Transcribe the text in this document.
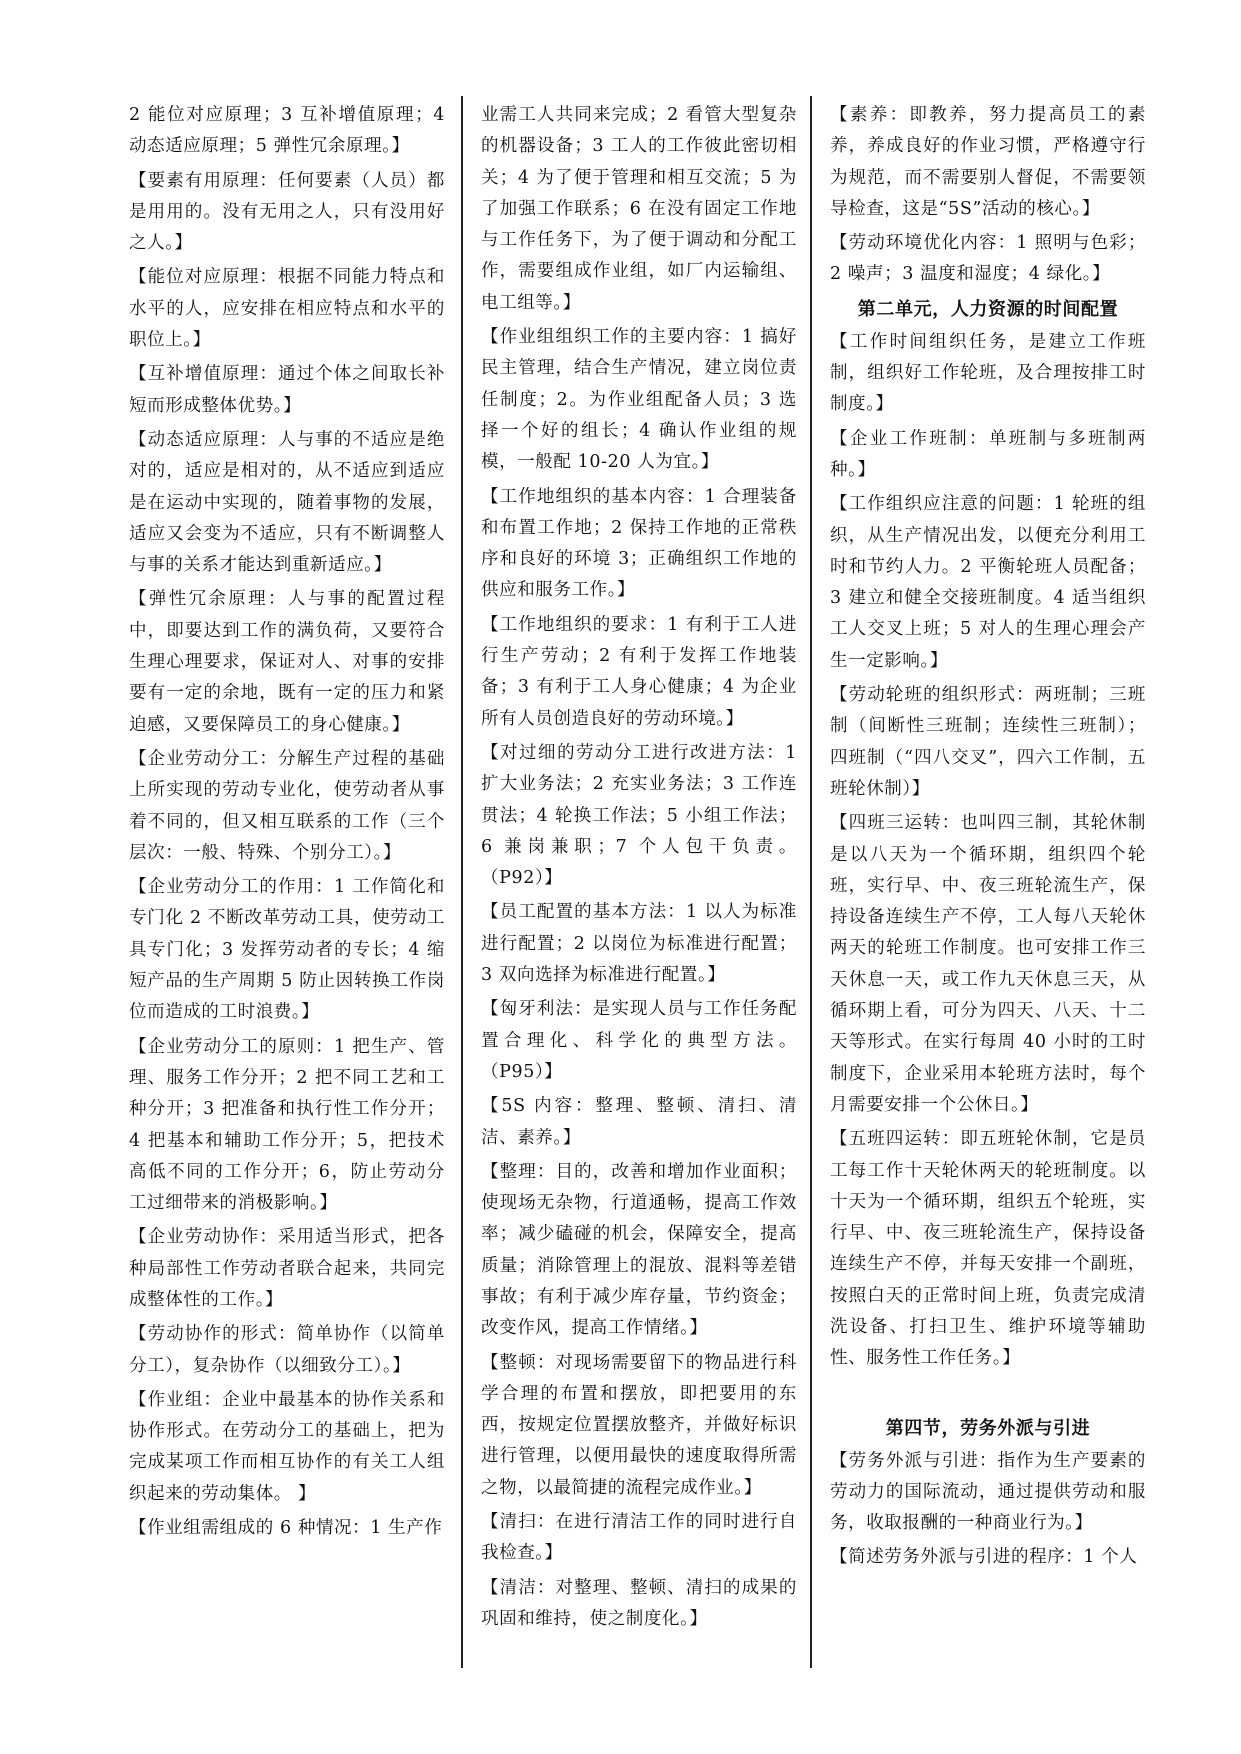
2 能位对应原理；3 互补增值原理；4 动态适应原理；5 弹性冗余原理。】

【要素有用原理：任何要素（人员）都是用用的。没有无用之人，只有没用好之人。】

【能位对应原理：根据不同能力特点和水平的人，应安排在相应特点和水平的职位上。】

【互补增值原理：通过个体之间取长补短而形成整体优势。】

【动态适应原理：人与事的不适应是绝对的，适应是相对的，从不适应到适应是在运动中实现的，随着事物的发展，适应又会变为不适应，只有不断调整人与事的关系才能达到重新适应。】

【弹性冗余原理：人与事的配置过程中，即要达到工作的满负荷，又要符合生理心理要求，保证对人、对事的安排要有一定的余地，既有一定的压力和紧迫感，又要保障员工的身心健康。】

【企业劳动分工：分解生产过程的基础上所实现的劳动专业化，使劳动者从事着不同的，但又相互联系的工作（三个层次：一般、特殊、个别分工）。】

【企业劳动分工的作用：1 工作简化和专门化 2 不断改革劳动工具，使劳动工具专门化；3 发挥劳动者的专长；4 缩短产品的生产周期 5 防止因转换工作岗位而造成的工时浪费。】

【企业劳动分工的原则：1 把生产、管理、服务工作分开；2 把不同工艺和工种分开；3 把准备和执行性工作分开；4 把基本和辅助工作分开；5，把技术高低不同的工作分开；6，防止劳动分工过细带来的消极影响。】

【企业劳动协作：采用适当形式，把各种局部性工作劳动者联合起来，共同完成整体性的工作。】

【劳动协作的形式：简单协作（以简单分工），复杂协作（以细致分工）。】

【作业组：企业中最基本的协作关系和协作形式。在劳动分工的基础上，把为完成某项工作而相互协作的有关工人组织起来的劳动集体。 】

【作业组需组成的 6 种情况：1 生产作

业需工人共同来完成；2 看管大型复杂的机器设备；3 工人的工作彼此密切相关；4 为了便于管理和相互交流；5 为了加强工作联系；6 在没有固定工作地与工作任务下，为了便于调动和分配工作，需要组成作业组，如厂内运输组、电工组等。】

【作业组组织工作的主要内容：1 搞好民主管理，结合生产情况，建立岗位责任制度；2。为作业组配备人员；3 选择一个好的组长；4 确认作业组的规模，一般配 10-20 人为宜。】

【工作地组织的基本内容：1 合理装备和布置工作地；2 保持工作地的正常秩序和良好的环境 3；正确组织工作地的供应和服务工作。】

【工作地组织的要求：1 有利于工人进行生产劳动；2 有利于发挥工作地装备；3 有利于工人身心健康；4 为企业所有人员创造良好的劳动环境。】

【对过细的劳动分工进行改进方法：1 扩大业务法；2 充实业务法；3 工作连贯法；4 轮换工作法；5 小组工作法；6 兼岗兼职；7 个人包干负责。（P92）】

【员工配置的基本方法：1 以人为标准进行配置；2 以岗位为标准进行配置；3 双向选择为标准进行配置。】

【匈牙利法：是实现人员与工作任务配置合理化、科学化的典型方法。（P95）】

【5S 内容：整理、整顿、清扫、清洁、素养。】

【整理：目的，改善和增加作业面积；使现场无杂物，行道通畅，提高工作效率；减少磕碰的机会，保障安全，提高质量；消除管理上的混放、混料等差错事故；有利于减少库存量，节约资金；改变作风，提高工作情绪。】

【整顿：对现场需要留下的物品进行科学合理的布置和摆放，即把要用的东西，按规定位置摆放整齐，并做好标识进行管理，以便用最快的速度取得所需之物，以最简捷的流程完成作业。】

【清扫：在进行清洁工作的同时进行自我检查。】

【清洁：对整理、整顿、清扫的成果的巩固和维持，使之制度化。】

【素养：即教养，努力提高员工的素养，养成良好的作业习惯，严格遵守行为规范，而不需要别人督促，不需要领导检查，这是“5S”活动的核心。】

【劳动环境优化内容：1 照明与色彩；2 噪声；3 温度和湿度；4 绿化。】

第二单元，人力资源的时间配置

【工作时间组织任务，是建立工作班制，组织好工作轮班，及合理按排工时制度。】

【企业工作班制：单班制与多班制两种。】

【工作组织应注意的问题：1 轮班的组织，从生产情况出发，以便充分利用工时和节约人力。2 平衡轮班人员配备；3 建立和健全交接班制度。4 适当组织工人交叉上班；5 对人的生理心理会产生一定影响。】

【劳动轮班的组织形式：两班制；三班制（间断性三班制；连续性三班制）；四班制（“四八交叉”，四六工作制，五班轮休制）】

【四班三运转：也叫四三制，其轮休制是以八天为一个循环期，组织四个轮班，实行早、中、夜三班轮流生产，保持设备连续生产不停，工人每八天轮休两天的轮班工作制度。也可安排工作三天休息一天，或工作九天休息三天，从循环期上看，可分为四天、八天、十二天等形式。在实行每周 40 小时的工时制度下，企业采用本轮班方法时，每个月需要安排一个公休日。】

【五班四运转：即五班轮休制，它是员工每工作十天轮休两天的轮班制度。以十天为一个循环期，组织五个轮班，实行早、中、夜三班轮流生产，保持设备连续生产不停，并每天安排一个副班，按照白天的正常时间上班，负责完成清洗设备、打扫卫生、维护环境等辅助性、服务性工作任务。】

第四节，劳务外派与引进

【劳务外派与引进：指作为生产要素的劳动力的国际流动，通过提供劳动和服务，收取报酬的一种商业行为。】

【简述劳务外派与引进的程序：1 个人
